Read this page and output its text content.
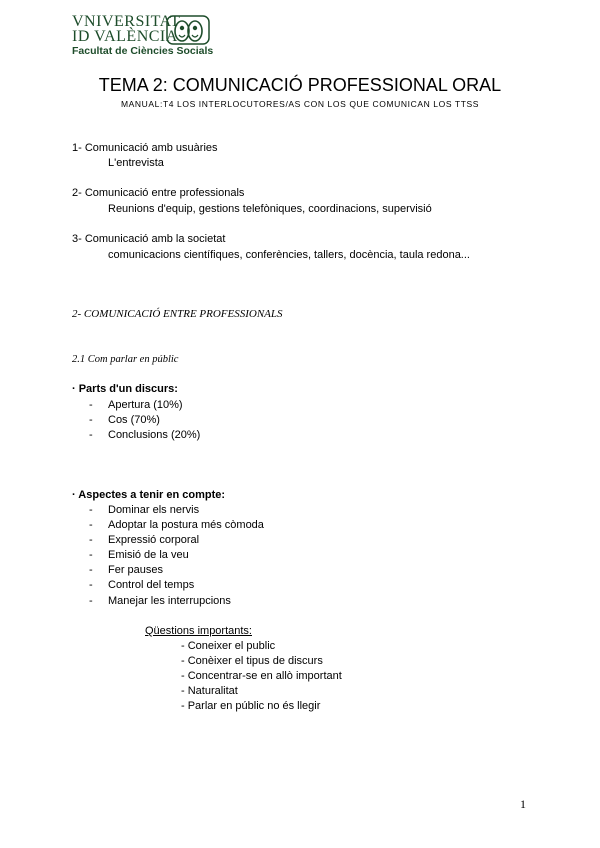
VNIVERSITAT
ID VALÈNCIA
Facultat de Ciències Socials
TEMA 2: COMUNICACIÓ PROFESSIONAL ORAL
MANUAL:T4 LOS INTERLOCUTORES/AS CON LOS QUE COMUNICAN LOS TTSS
1- Comunicació amb usuàries
L'entrevista
2- Comunicació entre professionals
Reunions d'equip, gestions telefòniques, coordinacions, supervisió
3- Comunicació amb la societat
comunicacions científiques, conferències, tallers, docència, taula redona...
2- COMUNICACIÓ ENTRE PROFESSIONALS
2.1 Com parlar en públic
· Parts d'un discurs:
- Apertura (10%)
- Cos (70%)
- Conclusions (20%)
· Aspectes a tenir en compte:
- Dominar els nervis
- Adoptar la postura més còmoda
- Expressió corporal
- Emisió de la veu
- Fer pauses
- Control del temps
- Manejar les interrupcions
Qüestions importants:
- Coneixer el public
- Conèixer el tipus de discurs
- Concentrar-se en allò important
- Naturalitat
- Parlar en públic no és llegir
1
